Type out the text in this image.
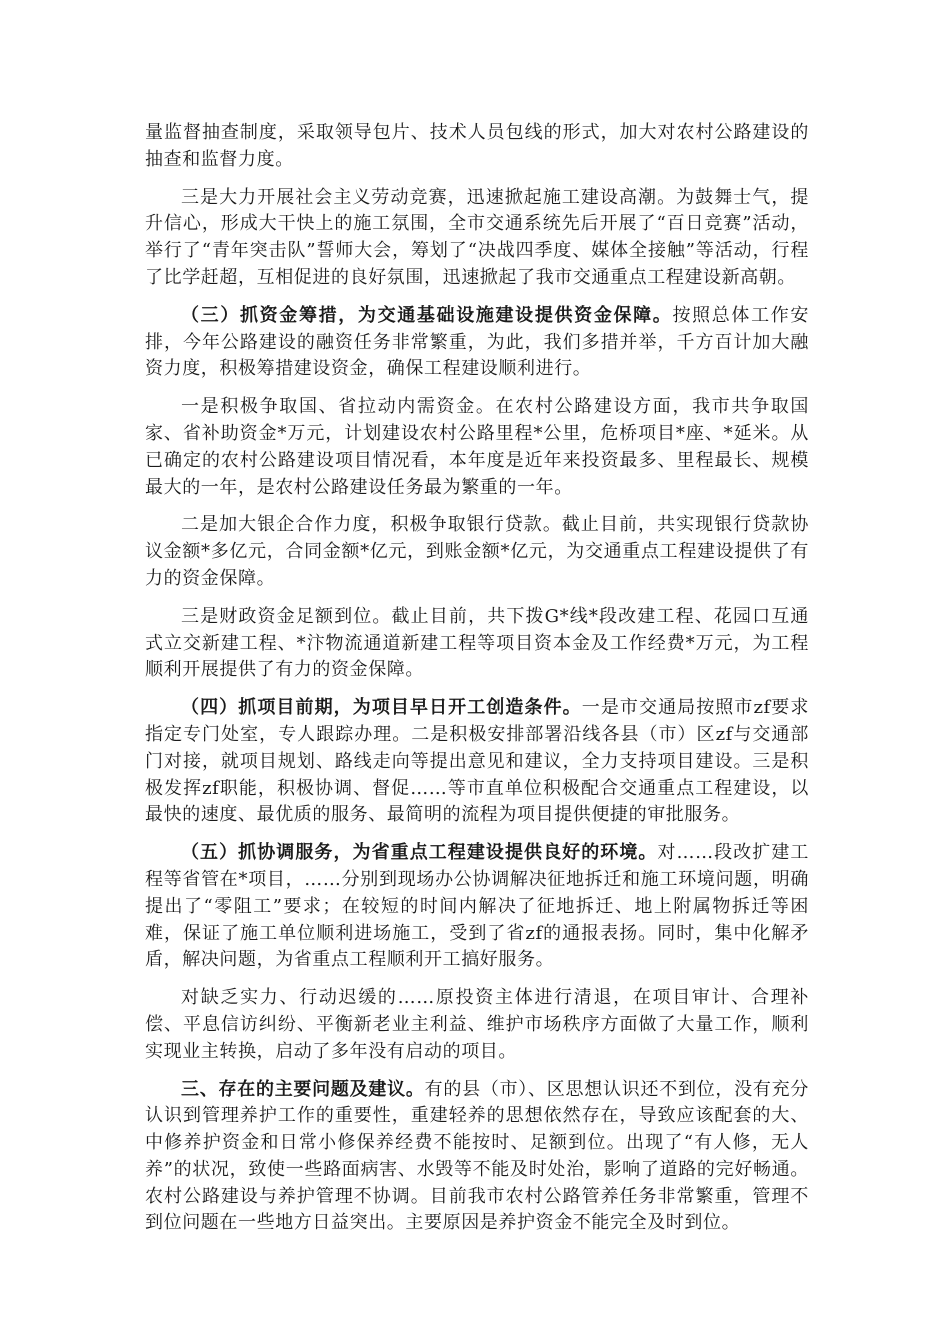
量监督抽查制度，采取领导包片、技术人员包线的形式，加大对农村公路建设的抽查和监督力度。

三是大力开展社会主义劳动竞赛，迅速掀起施工建设高潮。为鼓舞士气，提升信心，形成大干快上的施工氛围，全市交通系统先后开展了“百日竞赛”活动，举行了“青年突击队”誓师大会，筹划了“决战四季度、媒体全接触”等活动，行程了比学赶超，互相促进的良好氛围，迅速掀起了我市交通重点工程建设新高朝。

（三）抓资金筹措，为交通基础设施建设提供资金保障。按照总体工作安排，今年公路建设的融资任务非常繁重，为此，我们多措并举，千方百计加大融资力度，积极筹措建设资金，确保工程建设顺利进行。

一是积极争取国、省拉动内需资金。在农村公路建设方面，我市共争取国家、省补助资金*万元，计划建设农村公路里程*公里，危桥项目*座、*延米。从已确定的农村公路建设项目情况看，本年度是近年来投资最多、里程最长、规模最大的一年，是农村公路建设任务最为繁重的一年。

二是加大银企合作力度，积极争取银行贷款。截止目前，共实现银行贷款协议金额*多亿元，合同金额*亿元，到账金额*亿元，为交通重点工程建设提供了有力的资金保障。

三是财政资金足额到位。截止目前，共下拨G*线*段改建工程、花园口互通式立交新建工程、*汴物流通道新建工程等项目资本金及工作经费*万元，为工程顺利开展提供了有力的资金保障。

（四）抓项目前期，为项目早日开工创造条件。一是市交通局按照市zf要求指定专门处室，专人跟踪办理。二是积极安排部署沿线各县（市）区zf与交通部门对接，就项目规划、路线走向等提出意见和建议，全力支持项目建设。三是积极发挥zf职能，积极协调、督促……等市直单位积极配合交通重点工程建设，以最快的速度、最优质的服务、最简明的流程为项目提供便捷的审批服务。

（五）抓协调服务，为省重点工程建设提供良好的环境。对……段改扩建工程等省管在*项目，……分别到现场办公协调解决征地拆迁和施工环境问题，明确提出了“零阻工”要求；在较短的时间内解决了征地拆迁、地上附属物拆迁等困难，保证了施工单位顺利进场施工，受到了省zf的通报表扬。同时，集中化解矛盾，解决问题，为省重点工程顺利开工搞好服务。

对缺乏实力、行动迟缓的……原投资主体进行清退，在项目审计、合理补偿、平息信访纠纷、平衡新老业主利益、维护市场秩序方面做了大量工作，顺利实现业主转换，启动了多年没有启动的项目。

三、存在的主要问题及建议。有的县（市）、区思想认识还不到位，没有充分认识到管理养护工作的重要性，重建轻养的思想依然存在，导致应该配套的大、中修养护资金和日常小修保养经费不能按时、足额到位。出现了“有人修，无人养”的状况，致使一些路面病害、水毁等不能及时处治，影响了道路的完好畅通。农村公路建设与养护管理不协调。目前我市农村公路管养任务非常繁重，管理不到位问题在一些地方日益突出。主要原因是养护资金不能完全及时到位。
